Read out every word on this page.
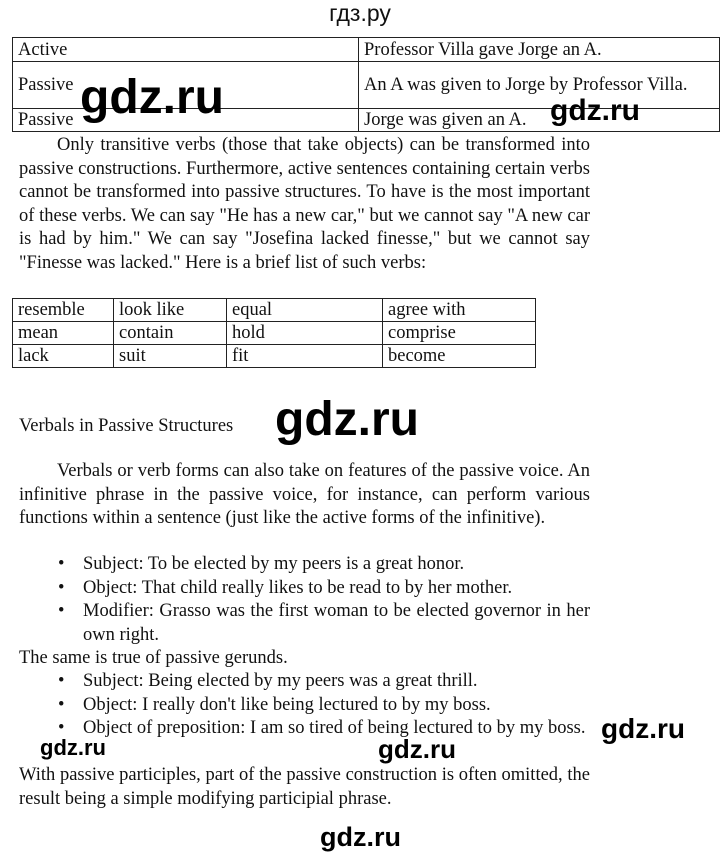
гдз.ру
Active	Professor Villa gave Jorge an A.
Passive	An A was given to Jorge by Professor Villa.
Passive	Jorge was given an A.

Only transitive verbs (those that take objects) can be transformed into passive constructions. Furthermore, active sentences containing certain verbs cannot be transformed into passive structures. To have is the most important of these verbs. We can say "He has a new car," but we cannot say "A new car is had by him." We can say "Josefina lacked finesse," but we cannot say "Finesse was lacked." Here is a brief list of such verbs:

resemble	look like	equal	agree with
mean	contain	hold	comprise
lack	suit	fit	become
Verbals in Passive Structures

Verbals or verb forms can also take on features of the passive voice. An infinitive phrase in the passive voice, for instance, can perform various functions within a sentence (just like the active forms of the infinitive).

• Subject: To be elected by my peers is a great honor.
• Object: That child really likes to be read to by her mother.
• Modifier: Grasso was the first woman to be elected governor in her own right.

The same is true of passive gerunds.

• Subject: Being elected by my peers was a great thrill.
• Object: I really don't like being lectured to by my boss.
• Object of preposition: I am so tired of being lectured to by my boss.

With passive participles, part of the passive construction is often omitted, the result being a simple modifying participial phrase.

gdz.ru	gdz.ru
gdz.ru
gdz.ru	gdz.ru
gdz.ru
gdz.ru
